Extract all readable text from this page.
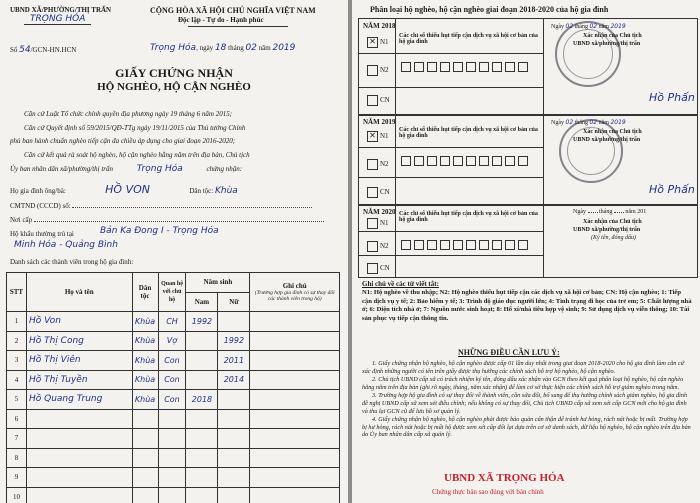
UBND XÃ/PHƯỜNG/THỊ TRẤN
TRỌNG HÓA
CỘNG HÒA XÃ HỘI CHỦ NGHĨA VIỆT NAM
Độc lập - Tự do - Hạnh phúc
Số 54/GCN-HN.HCN	Trọng Hóa, ngày 18 tháng 02 năm 2019
GIẤY CHỨNG NHẬN
HỘ NGHÈO, HỘ CẬN NGHÈO
Căn cứ Luật Tổ chức chính quyền địa phương ngày 19 tháng 6 năm 2015;
Căn cứ Quyết định số 59/2015/QĐ-TTg ngày 19/11/2015 của Thủ tướng Chính
phủ ban hành chuẩn nghèo tiếp cận đa chiều áp dụng cho giai đoạn 2016-2020;
Căn cứ kết quả rà soát hộ nghèo, hộ cận nghèo hằng năm trên địa bàn, Chủ tịch
Ủy ban nhân dân xã/phường/thị trấn	Trọng Hóa	chứng nhận:
Họ gia đình ông/bà:	HỒ VON	Dân tộc: Khùa
CMTND (CCCD) số:
Nơi cấp
Hộ khẩu thường trú tại	Bản Ka Đong I - Trọng Hóa
Minh Hóa - Quảng Bình
Danh sách các thành viên trong hộ gia đình:
STT	Họ và tên	Dân tộc	Quan hệ với chủ hộ	Năm sinh		Ghi chú
(Trường hợp gia đình có sự thay đổi các thành viên trong hộ)

				Nam	Nữ	
1	Hồ Von	Khùa	CH	1992		
2	Hồ Thị Cong	Khùa	Vợ		1992	
3	Hồ Thị Viên	Khùa	Con		2011	
4	Hồ Thị Tuyền	Khùa	Con		2014	
5	Hồ Quang Trung	Khùa	Con	2018		
6						
7						
8						
9						
10						
Phân loại hộ nghèo, hộ cận nghèo giai đoạn 2018-2020 của hộ gia đình
NĂM 2018
✕ N1
N2
CN
Các chỉ số thiếu hụt tiếp cận dịch vụ xã hội cơ bản của hộ gia đình
Ngày 02 tháng 02 năm 2019
Xác nhận của Chủ tịch
UBND xã/phường/thị trấn
Hồ Phấn
NĂM 2019
✕ N1
N2
CN
Các chỉ số thiếu hụt tiếp cận dịch vụ xã hội cơ bản của hộ gia đình
Ngày 02 tháng 02 năm 2019
Xác nhận của Chủ tịch
UBND xã/phường/thị trấn
Hồ Phấn
NĂM 2020
N1
N2
CN
Các chỉ số thiếu hụt tiếp cận dịch vụ xã hội cơ bản của hộ gia đình
Ngày tháng năm 201
Xác nhận của Chủ tịch
UBND xã/phường/thị trấn
(Ký tên, đóng dấu)
Ghi chú về các từ viết tắt:
N1: Hộ nghèo về thu nhập; N2: Hộ nghèo thiếu hụt tiếp cận các dịch vụ xã hội cơ bản; CN: Hộ cận nghèo; 1: Tiếp cận dịch vụ y tế; 2: Bảo hiểm y tế; 3: Trình độ giáo dục người lớn; 4: Tình trạng đi học của trẻ em; 5: Chất lượng nhà ở; 6: Diện tích nhà ở; 7: Nguồn nước sinh hoạt; 8: Hố xí/nhà tiêu hợp vệ sinh; 9: Sử dụng dịch vụ viễn thông; 10: Tài sản phục vụ tiếp cận thông tin.
NHỮNG ĐIỀU CẦN LƯU Ý:

1. Giấy chứng nhận hộ nghèo, hộ cận nghèo được cấp 01 lần duy nhất trong giai đoạn 2018-2020 cho hộ gia đình làm căn cứ xác định những người có tên trên giấy được thụ hưởng các chính sách hỗ trợ hộ nghèo, hộ cận nghèo.

2. Chủ tịch UBND cấp xã có trách nhiệm ký tên, đóng dấu xác nhận vào GCN theo kết quả phân loại hộ nghèo, hộ cận nghèo hằng năm trên địa bàn (ghi rõ ngày, tháng, năm xác nhận) để làm cơ sở thực hiện các chính sách hỗ trợ giảm nghèo trong năm.

3. Trường hợp hộ gia đình có sự thay đổi về thành viên, cần sửa đổi, bổ sung để thụ hưởng chính sách giảm nghèo, hộ gia đình đề nghị UBND cấp xã xem xét điều chỉnh; nếu không có sự thay đổi, Chủ tịch UBND cấp xã xem xét cấp GCN mới cho hộ gia đình và thu lại GCN cũ để lưu hồ sơ quản lý.

4. Giấy chứng nhận hộ nghèo, hộ cận nghèo phải được bảo quản cẩn thận để tránh hư hỏng, rách nát hoặc bị mất. Trường hợp bị hư hỏng, rách nát hoặc bị mất hộ được xem xét cấp đổi lại dựa trên cơ sở danh sách, dữ liệu hộ nghèo, hộ cận nghèo trên địa bàn do Ủy ban nhân dân cấp xã quản lý.

UBND XÃ TRỌNG HÓA
Chứng thực bản sao đúng với bản chính
